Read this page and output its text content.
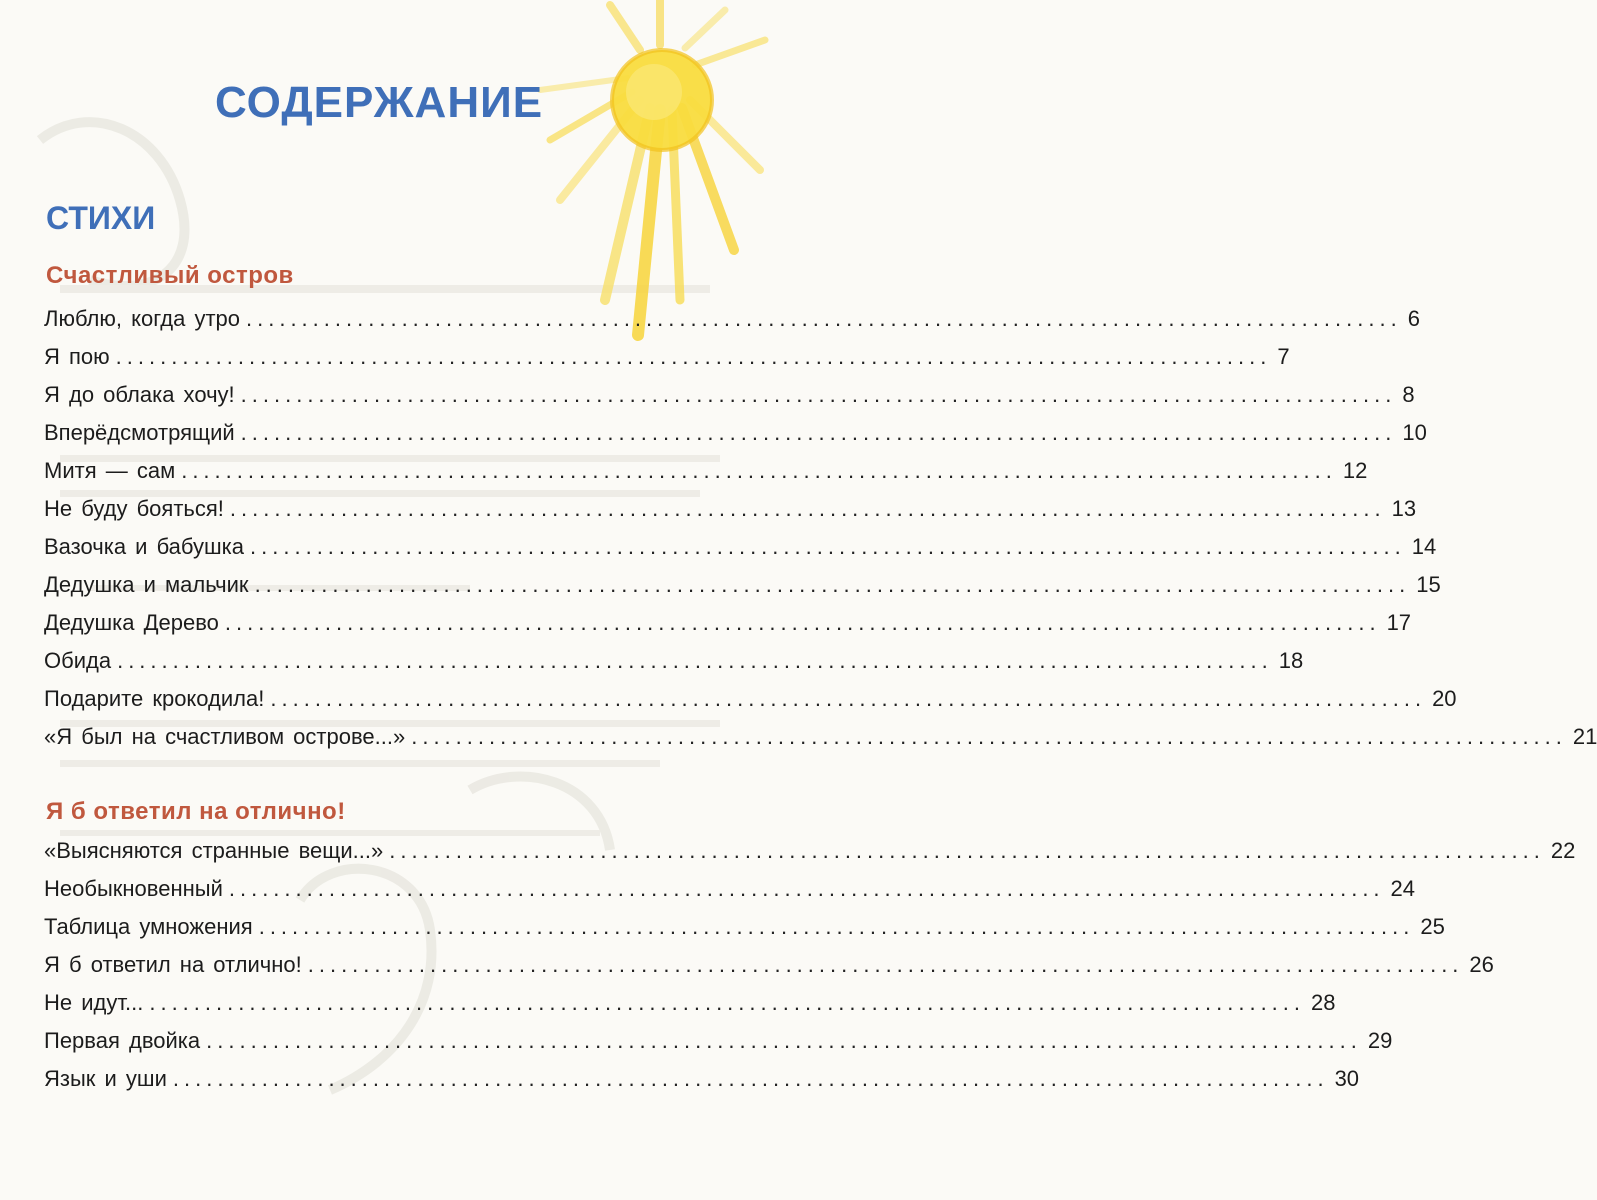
СОДЕРЖАНИЕ
СТИХИ
Счастливый остров
Люблю, когда утро ........................................................................................................ 6
Я пою ........................................................................................................ 7
Я до облака хочу! ........................................................................................................ 8
Вперёдсмотрящий ........................................................................................................ 10
Митя — сам ........................................................................................................ 12
Не буду бояться! ........................................................................................................ 13
Вазочка и бабушка ........................................................................................................ 14
Дедушка и мальчик ........................................................................................................ 15
Дедушка Дерево ........................................................................................................ 17
Обида ........................................................................................................ 18
Подарите крокодила! ........................................................................................................ 20
«Я был на счастливом острове...» ........................................................................................................ 21
Я б ответил на отлично!
«Выясняются странные вещи...» ........................................................................................................ 22
Необыкновенный ........................................................................................................ 24
Таблица умножения ........................................................................................................ 25
Я б ответил на отлично! ........................................................................................................ 26
Не идут... ........................................................................................................ 28
Первая двойка ........................................................................................................ 29
Язык и уши ........................................................................................................ 30
